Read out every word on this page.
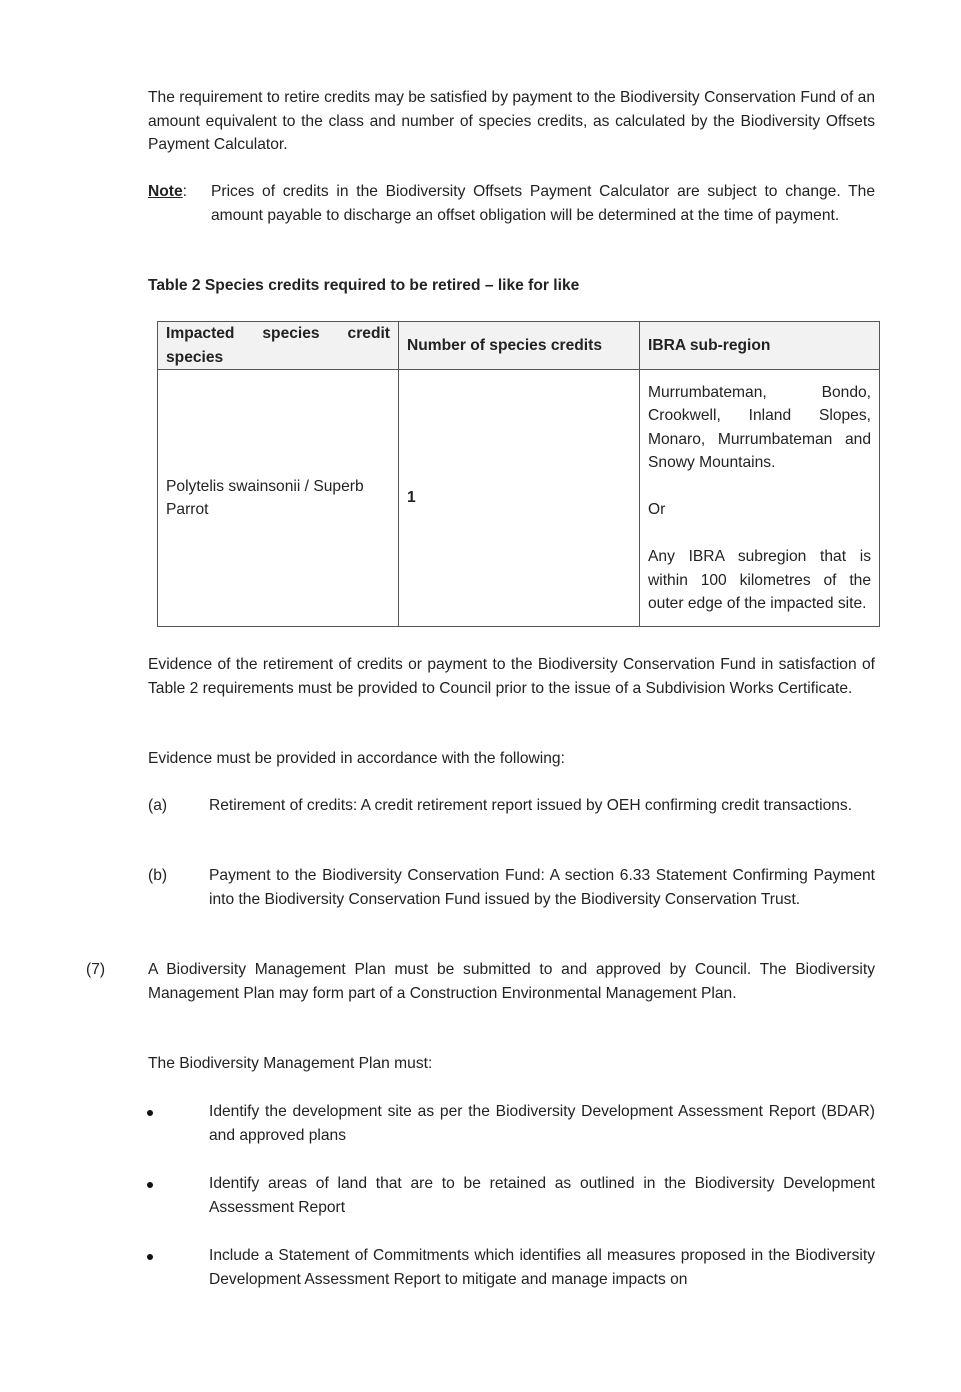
The requirement to retire credits may be satisfied by payment to the Biodiversity Conservation Fund of an amount equivalent to the class and number of species credits, as calculated by the Biodiversity Offsets Payment Calculator.

Note: Prices of credits in the Biodiversity Offsets Payment Calculator are subject to change. The amount payable to discharge an offset obligation will be determined at the time of payment.

Table 2 Species credits required to be retired – like for like
Impacted species credit species	Number of species credits	IBRA sub-region
Polytelis swainsonii / Superb Parrot	1	Murrumbateman, Bondo, Crookwell, Inland Slopes, Monaro, Murrumbateman and Snowy Mountains.
Or
Any IBRA subregion that is within 100 kilometres of the outer edge of the impacted site.

Evidence of the retirement of credits or payment to the Biodiversity Conservation Fund in satisfaction of Table 2 requirements must be provided to Council prior to the issue of a Subdivision Works Certificate.

Evidence must be provided in accordance with the following:

(a)	Retirement of credits: A credit retirement report issued by OEH confirming credit transactions.

(b)	Payment to the Biodiversity Conservation Fund: A section 6.33 Statement Confirming Payment into the Biodiversity Conservation Fund issued by the Biodiversity Conservation Trust.

(7)	A Biodiversity Management Plan must be submitted to and approved by Council. The Biodiversity Management Plan may form part of a Construction Environmental Management Plan.

The Biodiversity Management Plan must:

Identify the development site as per the Biodiversity Development Assessment Report (BDAR) and approved plans

Identify areas of land that are to be retained as outlined in the Biodiversity Development Assessment Report

Include a Statement of Commitments which identifies all measures proposed in the Biodiversity Development Assessment Report to mitigate and manage impacts on
